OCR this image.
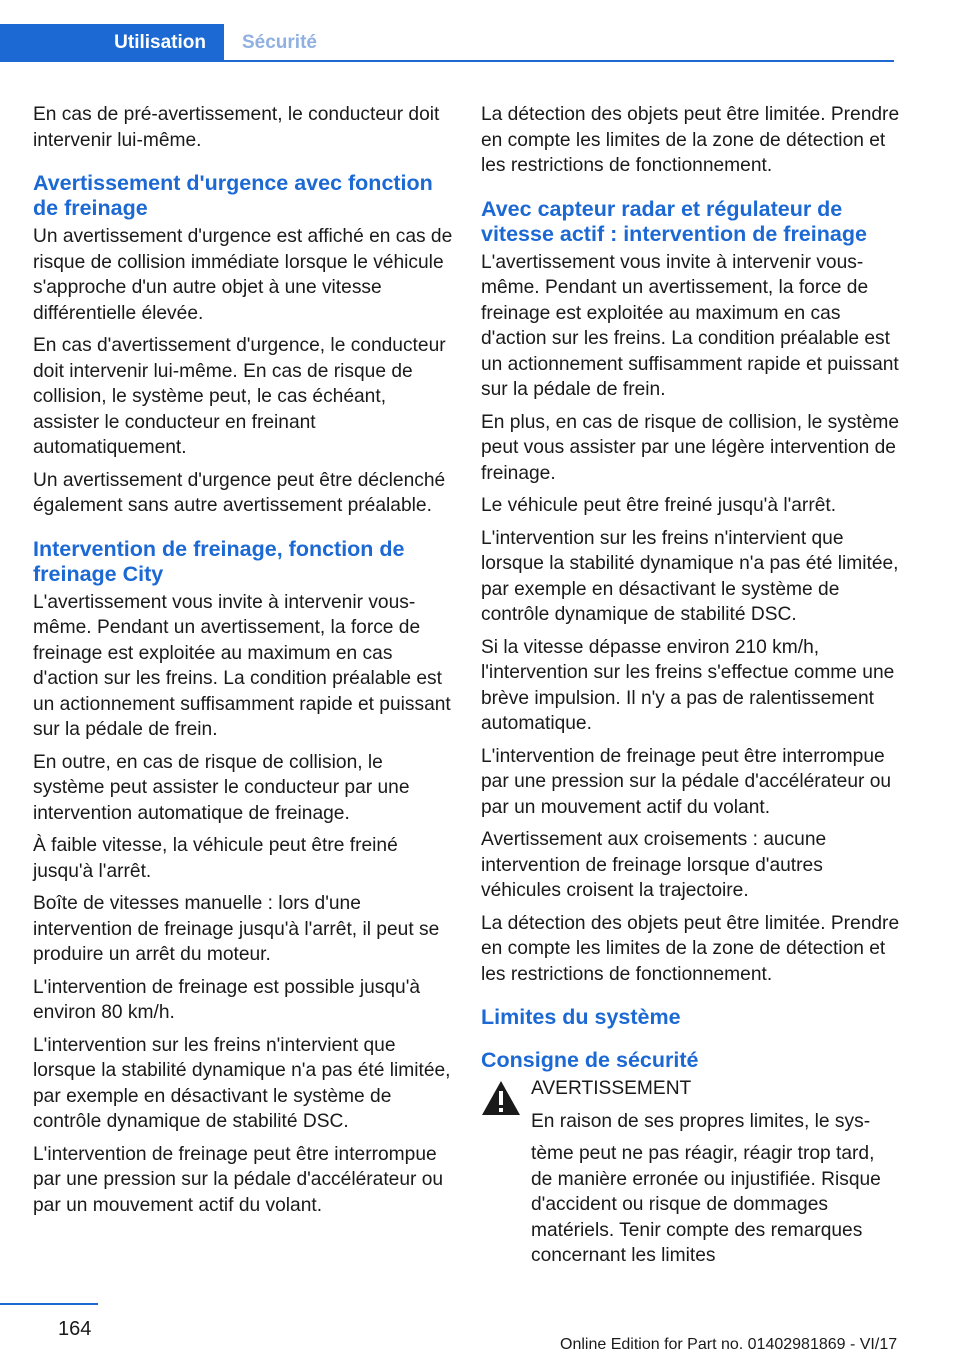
Utilisation	Sécurité

En cas de pré-avertissement, le conducteur doit intervenir lui-même.

Avertissement d'urgence avec fonction de freinage

Un avertissement d'urgence est affiché en cas de risque de collision immédiate lorsque le véhicule s'approche d'un autre objet à une vitesse différentielle élevée.

En cas d'avertissement d'urgence, le conducteur doit intervenir lui-même. En cas de risque de collision, le système peut, le cas échéant, assister le conducteur en freinant automatiquement.

Un avertissement d'urgence peut être déclenché également sans autre avertissement préalable.

Intervention de freinage, fonction de freinage City

L'avertissement vous invite à intervenir vous-même. Pendant un avertissement, la force de freinage est exploitée au maximum en cas d'action sur les freins. La condition préalable est un actionnement suffisamment rapide et puissant sur la pédale de frein.

En outre, en cas de risque de collision, le système peut assister le conducteur par une intervention automatique de freinage.

À faible vitesse, la véhicule peut être freiné jusqu'à l'arrêt.

Boîte de vitesses manuelle : lors d'une intervention de freinage jusqu'à l'arrêt, il peut se produire un arrêt du moteur.

L'intervention de freinage est possible jusqu'à environ 80 km/h.

L'intervention sur les freins n'intervient que lorsque la stabilité dynamique n'a pas été limitée, par exemple en désactivant le système de contrôle dynamique de stabilité DSC.

L'intervention de freinage peut être interrompue par une pression sur la pédale d'accélérateur ou par un mouvement actif du volant.

La détection des objets peut être limitée. Prendre en compte les limites de la zone de détection et les restrictions de fonctionnement.

Avec capteur radar et régulateur de vitesse actif : intervention de freinage

L'avertissement vous invite à intervenir vous-même. Pendant un avertissement, la force de freinage est exploitée au maximum en cas d'action sur les freins. La condition préalable est un actionnement suffisamment rapide et puissant sur la pédale de frein.

En plus, en cas de risque de collision, le système peut vous assister par une légère intervention de freinage.

Le véhicule peut être freiné jusqu'à l'arrêt.

L'intervention sur les freins n'intervient que lorsque la stabilité dynamique n'a pas été limitée, par exemple en désactivant le système de contrôle dynamique de stabilité DSC.

Si la vitesse dépasse environ 210 km/h, l'intervention sur les freins s'effectue comme une brève impulsion. Il n'y a pas de ralentissement automatique.

L'intervention de freinage peut être interrompue par une pression sur la pédale d'accélérateur ou par un mouvement actif du volant.

Avertissement aux croisements : aucune intervention de freinage lorsque d'autres véhicules croisent la trajectoire.

La détection des objets peut être limitée. Prendre en compte les limites de la zone de détection et les restrictions de fonctionnement.

Limites du système
Consigne de sécurité

AVERTISSEMENT

En raison de ses propres limites, le sys-

tème peut ne pas réagir, réagir trop tard, de manière erronée ou injustifiée. Risque d'accident ou risque de dommages matériels. Tenir compte des remarques concernant les limites

164
Online Edition for Part no. 01402981869 - VI/17
